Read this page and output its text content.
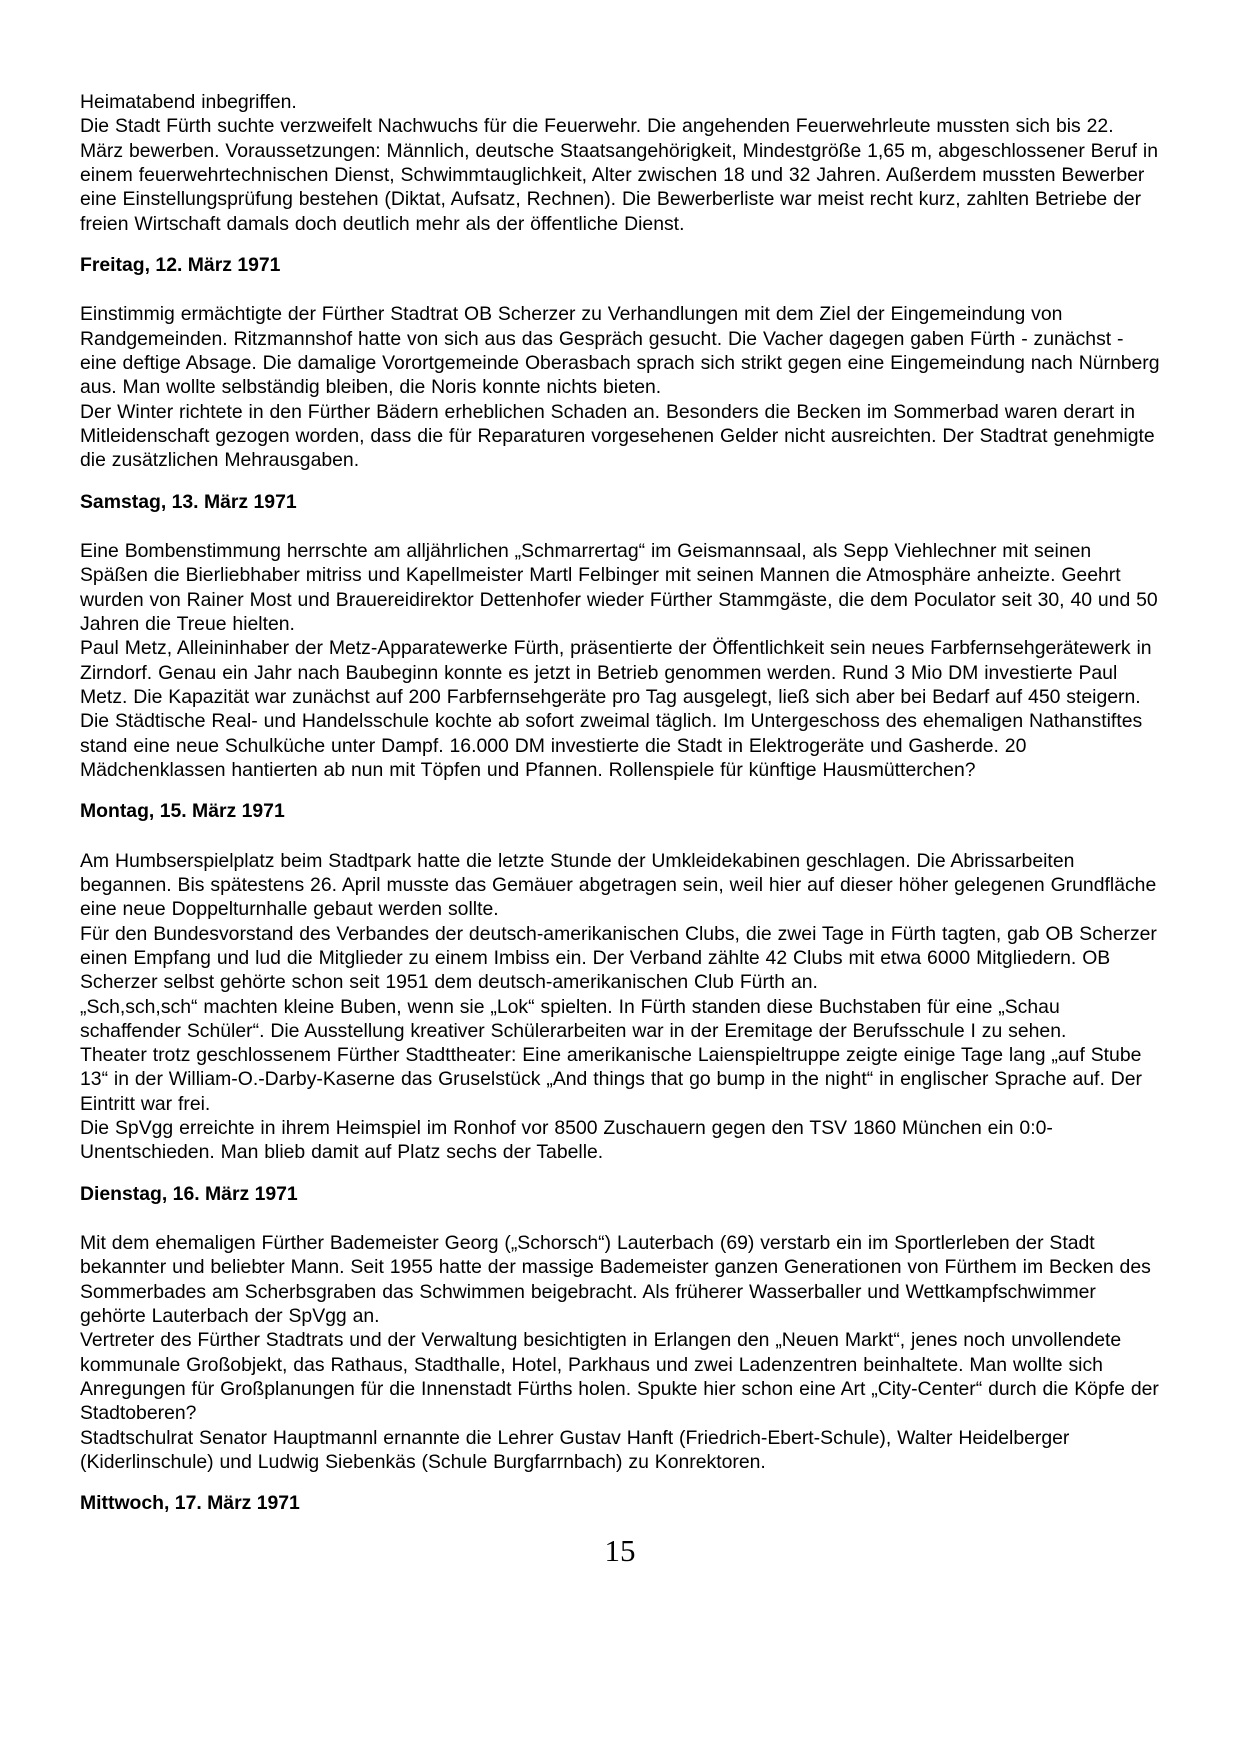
Heimatabend inbegriffen.

Die Stadt Fürth suchte verzweifelt Nachwuchs für die Feuerwehr. Die angehenden Feuerwehrleute mussten sich bis 22. März bewerben. Voraussetzungen: Männlich, deutsche Staatsangehörigkeit, Mindestgröße 1,65 m, abgeschlossener Beruf in einem feuerwehrtechnischen Dienst, Schwimmtauglichkeit, Alter zwischen 18 und 32 Jahren. Außerdem mussten Bewerber eine Einstellungsprüfung bestehen (Diktat, Aufsatz, Rechnen). Die Bewerberliste war meist recht kurz, zahlten Betriebe der freien Wirtschaft damals doch deutlich mehr als der öffentliche Dienst.

Freitag, 12. März 1971

Einstimmig ermächtigte der Fürther Stadtrat OB Scherzer zu Verhandlungen mit dem Ziel der Eingemeindung von Randgemeinden. Ritzmannshof hatte von sich aus das Gespräch gesucht. Die Vacher dagegen gaben Fürth - zunächst - eine deftige Absage. Die damalige Vorortgemeinde Oberasbach sprach sich strikt gegen eine Eingemeindung nach Nürnberg aus. Man wollte selbständig bleiben, die Noris konnte nichts bieten.

Der Winter richtete in den Fürther Bädern erheblichen Schaden an. Besonders die Becken im Sommerbad waren derart in Mitleidenschaft gezogen worden, dass die für Reparaturen vorgesehenen Gelder nicht ausreichten. Der Stadtrat genehmigte die zusätzlichen Mehrausgaben.

Samstag, 13. März 1971

Eine Bombenstimmung herrschte am alljährlichen „Schmarrertag“ im Geismannsaal, als Sepp Viehlechner mit seinen Späßen die Bierliebhaber mitriss und Kapellmeister Martl Felbinger mit seinen Mannen die Atmosphäre anheizte. Geehrt wurden von Rainer Most und Brauereidirektor Dettenhofer wieder Fürther Stammgäste, die dem Poculator seit 30, 40 und 50 Jahren die Treue hielten.

Paul Metz, Alleininhaber der Metz-Apparatewerke Fürth, präsentierte der Öffentlichkeit sein neues Farbfernsehgerätewerk in Zirndorf. Genau ein Jahr nach Baubeginn konnte es jetzt in Betrieb genommen werden. Rund 3 Mio DM investierte Paul Metz. Die Kapazität war zunächst auf 200 Farbfernsehgeräte pro Tag ausgelegt, ließ sich aber bei Bedarf auf 450 steigern.

Die Städtische Real- und Handelsschule kochte ab sofort zweimal täglich. Im Untergeschoss des ehemaligen Nathanstiftes stand eine neue Schulküche unter Dampf. 16.000 DM investierte die Stadt in Elektrogeräte und Gasherde. 20 Mädchenklassen hantierten ab nun mit Töpfen und Pfannen. Rollenspiele für künftige Hausmütterchen?

Montag, 15. März 1971

Am Humbserspielplatz beim Stadtpark hatte die letzte Stunde der Umkleidekabinen geschlagen. Die Abrissarbeiten begannen. Bis spätestens 26. April musste das Gemäuer abgetragen sein, weil hier auf dieser höher gelegenen Grundfläche eine neue Doppelturnhalle gebaut werden sollte.

Für den Bundesvorstand des Verbandes der deutsch-amerikanischen Clubs, die zwei Tage in Fürth tagten, gab OB Scherzer einen Empfang und lud die Mitglieder zu einem Imbiss ein. Der Verband zählte 42 Clubs mit etwa 6000 Mitgliedern. OB Scherzer selbst gehörte schon seit 1951 dem deutsch-amerikanischen Club Fürth an.

„Sch,sch,sch“ machten kleine Buben, wenn sie „Lok“ spielten. In Fürth standen diese Buchstaben für eine „Schau schaffender Schüler“. Die Ausstellung kreativer Schülerarbeiten war in der Eremitage der Berufsschule I zu sehen.

Theater trotz geschlossenem Fürther Stadttheater: Eine amerikanische Laienspieltruppe zeigte einige Tage lang „auf Stube 13“ in der William-O.-Darby-Kaserne das Gruselstück „And things that go bump in the night“ in englischer Sprache auf. Der Eintritt war frei.

Die SpVgg erreichte in ihrem Heimspiel im Ronhof vor 8500 Zuschauern gegen den TSV 1860 München ein 0:0-Unentschieden. Man blieb damit auf Platz sechs der Tabelle.

Dienstag, 16. März 1971

Mit dem ehemaligen Fürther Bademeister Georg („Schorsch“) Lauterbach (69) verstarb ein im Sportlerleben der Stadt bekannter und beliebter Mann. Seit 1955 hatte der massige Bademeister ganzen Generationen von Fürthem im Becken des Sommerbades am Scherbsgraben das Schwimmen beigebracht. Als früherer Wasserballer und Wettkampfschwimmer gehörte Lauterbach der SpVgg an.

Vertreter des Fürther Stadtrats und der Verwaltung besichtigten in Erlangen den „Neuen Markt“, jenes noch unvollendete kommunale Großobjekt, das Rathaus, Stadthalle, Hotel, Parkhaus und zwei Ladenzentren beinhaltete. Man wollte sich Anregungen für Großplanungen für die Innenstadt Fürths holen. Spukte hier schon eine Art „City-Center“ durch die Köpfe der Stadtoberen?

Stadtschulrat Senator Hauptmannl ernannte die Lehrer Gustav Hanft (Friedrich-Ebert-Schule), Walter Heidelberger (Kiderlinschule) und Ludwig Siebenkäs (Schule Burgfarrnbach) zu Konrektoren.

Mittwoch, 17. März 1971
15
